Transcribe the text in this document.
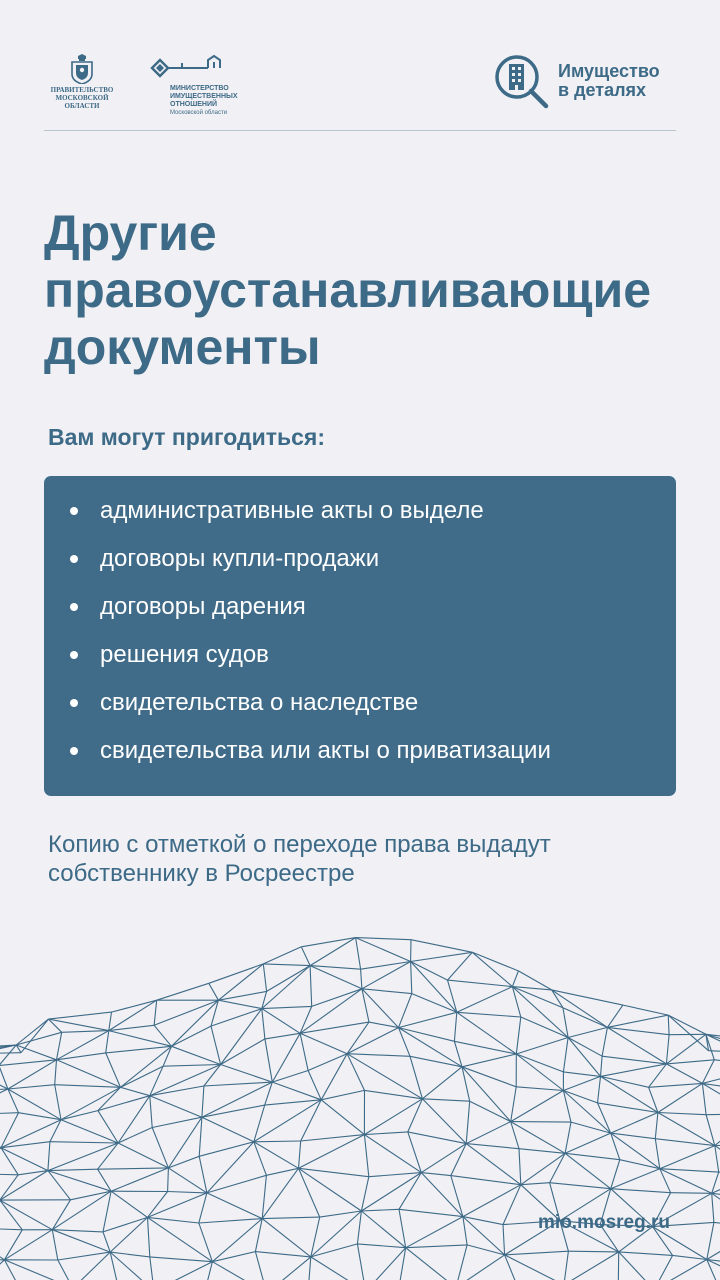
ПРАВИТЕЛЬСТВО
МОСКОВСКОЙ
ОБЛАСТИ
МИНИСТЕРСТВО
ИМУЩЕСТВЕННЫХ
ОТНОШЕНИЙ
Московской области
Имущество
в деталях
Другие
правоустанавливающие
документы

Вам могут пригодиться:

административные акты о выделе
договоры купли-продажи
договоры дарения
решения судов
свидетельства о наследстве
свидетельства или акты о приватизации

Копию с отметкой о переходе права выдадут
собственнику в Росреестре

mio.mosreg.ru
